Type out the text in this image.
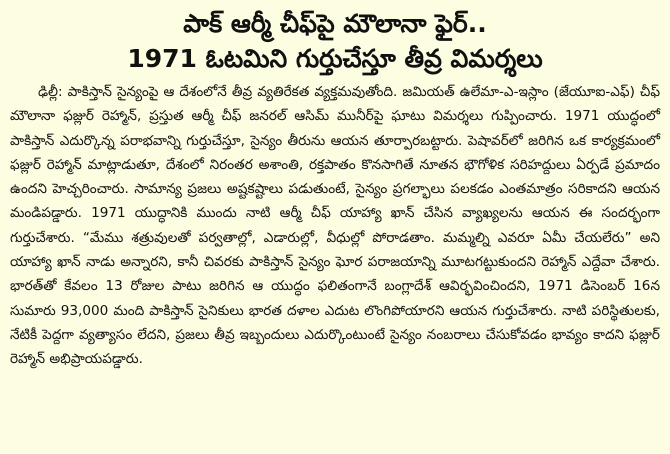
పాక్ ఆర్మీ చీఫ్‌పై మౌలానా ఫైర్..
1971 ఓటమిని గుర్తుచేస్తూ తీవ్ర విమర్శలు

ఢిల్లీ: పాకిస్తాన్ సైన్యంపై ఆ దేశంలోనే తీవ్ర వ్యతిరేకత వ్యక్తమవుతోంది. జమియత్ ఉలేమా-ఎ-ఇస్లాం (జేయూఐ-ఎఫ్) చీఫ్ మౌలానా ఫజ్లుర్ రెహ్మాన్, ప్రస్తుత ఆర్మీ చీఫ్ జనరల్ ఆసిమ్ మునీర్‌పై ఘాటు విమర్శలు గుప్పించారు. 1971 యుద్ధంలో పాకిస్తాన్ ఎదుర్కొన్న పరాభవాన్ని గుర్తుచేస్తూ, సైన్యం తీరును ఆయన తూర్పారబట్టారు. పెషావర్‌లో జరిగిన ఒక కార్యక్రమంలో ఫజ్లుర్ రెహ్మాన్ మాట్లాడుతూ, దేశంలో నిరంతర అశాంతి, రక్తపాతం కొనసాగితే నూతన భౌగోళిక సరిహద్దులు ఏర్పడే ప్రమాదం ఉందని హెచ్చరించారు. సామాన్య ప్రజలు అష్టకష్టాలు పడుతుంటే, సైన్యం ప్రగల్భాలు పలకడం ఎంతమాత్రం సరికాదని ఆయన మండిపడ్డారు. 1971 యుద్ధానికి ముందు నాటి ఆర్మీ చీఫ్ యాహ్యా ఖాన్ చేసిన వ్యాఖ్యలను ఆయన ఈ సందర్భంగా గుర్తుచేశారు. “మేము శత్రువులతో పర్వతాల్లో, ఎడారుల్లో, వీధుల్లో పోరాడతాం. మమ్మల్ని ఎవరూ ఏమీ చేయలేరు” అని యాహ్యా ఖాన్ నాడు అన్నారని, కానీ చివరకు పాకిస్తాన్ సైన్యం ఘోర పరాజయాన్ని మూటగట్టుకుందని రెహ్మాన్ ఎద్దేవా చేశారు. భారత్‌తో కేవలం 13 రోజుల పాటు జరిగిన ఆ యుద్ధం ఫలితంగానే బంగ్లాదేశ్ ఆవిర్భవించిందని, 1971 డిసెంబర్ 16న సుమారు 93,000 మంది పాకిస్తాన్ సైనికులు భారత దళాల ఎదుట లొంగిపోయారని ఆయన గుర్తుచేశారు. నాటి పరిస్థితులకు, నేటికీ పెద్దగా వ్యత్యాసం లేదని, ప్రజలు తీవ్ర ఇబ్బందులు ఎదుర్కొంటుంటే సైన్యం నంబరాలు చేసుకోవడం భావ్యం కాదని ఫజ్లుర్ రెహ్మాన్ అభిప్రాయపడ్డారు.
